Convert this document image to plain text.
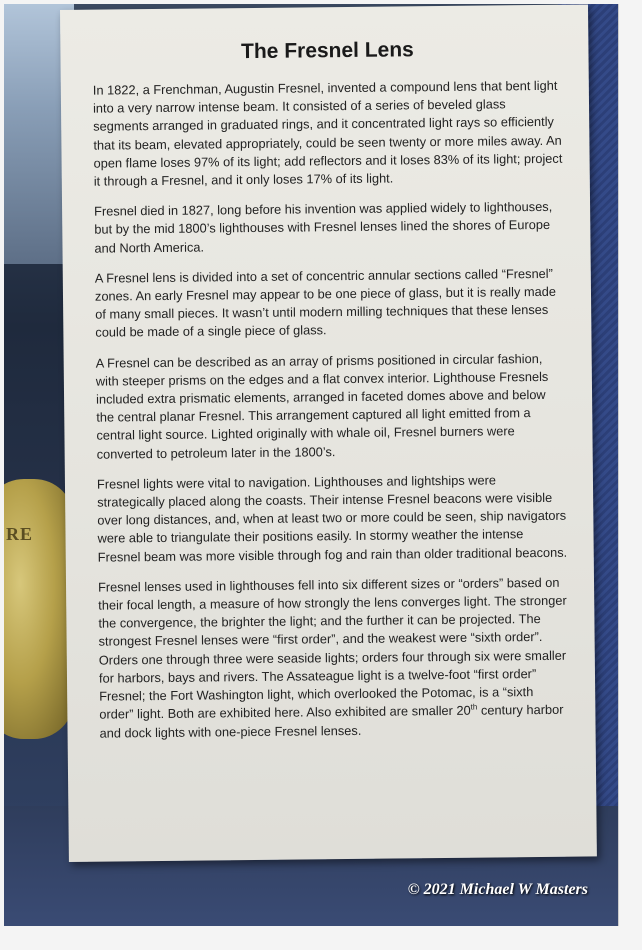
RE
The Fresnel Lens

In 1822, a Frenchman, Augustin Fresnel, invented a compound lens that bent light into a very narrow intense beam. It consisted of a series of beveled glass segments arranged in graduated rings, and it concentrated light rays so efficiently that its beam, elevated appropriately, could be seen twenty or more miles away. An open flame loses 97% of its light; add reflectors and it loses 83% of its light; project it through a Fresnel, and it only loses 17% of its light.

Fresnel died in 1827, long before his invention was applied widely to lighthouses, but by the mid 1800’s lighthouses with Fresnel lenses lined the shores of Europe and North America.

A Fresnel lens is divided into a set of concentric annular sections called “Fresnel” zones. An early Fresnel may appear to be one piece of glass, but it is really made of many small pieces. It wasn’t until modern milling techniques that these lenses could be made of a single piece of glass.

A Fresnel can be described as an array of prisms positioned in circular fashion, with steeper prisms on the edges and a flat convex interior. Lighthouse Fresnels included extra prismatic elements, arranged in faceted domes above and below the central planar Fresnel. This arrangement captured all light emitted from a central light source. Lighted originally with whale oil, Fresnel burners were converted to petroleum later in the 1800’s.

Fresnel lights were vital to navigation. Lighthouses and lightships were strategically placed along the coasts. Their intense Fresnel beacons were visible over long distances, and, when at least two or more could be seen, ship navigators were able to triangulate their positions easily. In stormy weather the intense Fresnel beam was more visible through fog and rain than older traditional beacons.

Fresnel lenses used in lighthouses fell into six different sizes or “orders” based on their focal length, a measure of how strongly the lens converges light. The stronger the convergence, the brighter the light; and the further it can be projected. The strongest Fresnel lenses were “first order”, and the weakest were “sixth order”. Orders one through three were seaside lights; orders four through six were smaller for harbors, bays and rivers. The Assateague light is a twelve-foot “first order” Fresnel; the Fort Washington light, which overlooked the Potomac, is a “sixth order” light. Both are exhibited here. Also exhibited are smaller 20th century harbor and dock lights with one-piece Fresnel lenses.

© 2021 Michael W Masters
